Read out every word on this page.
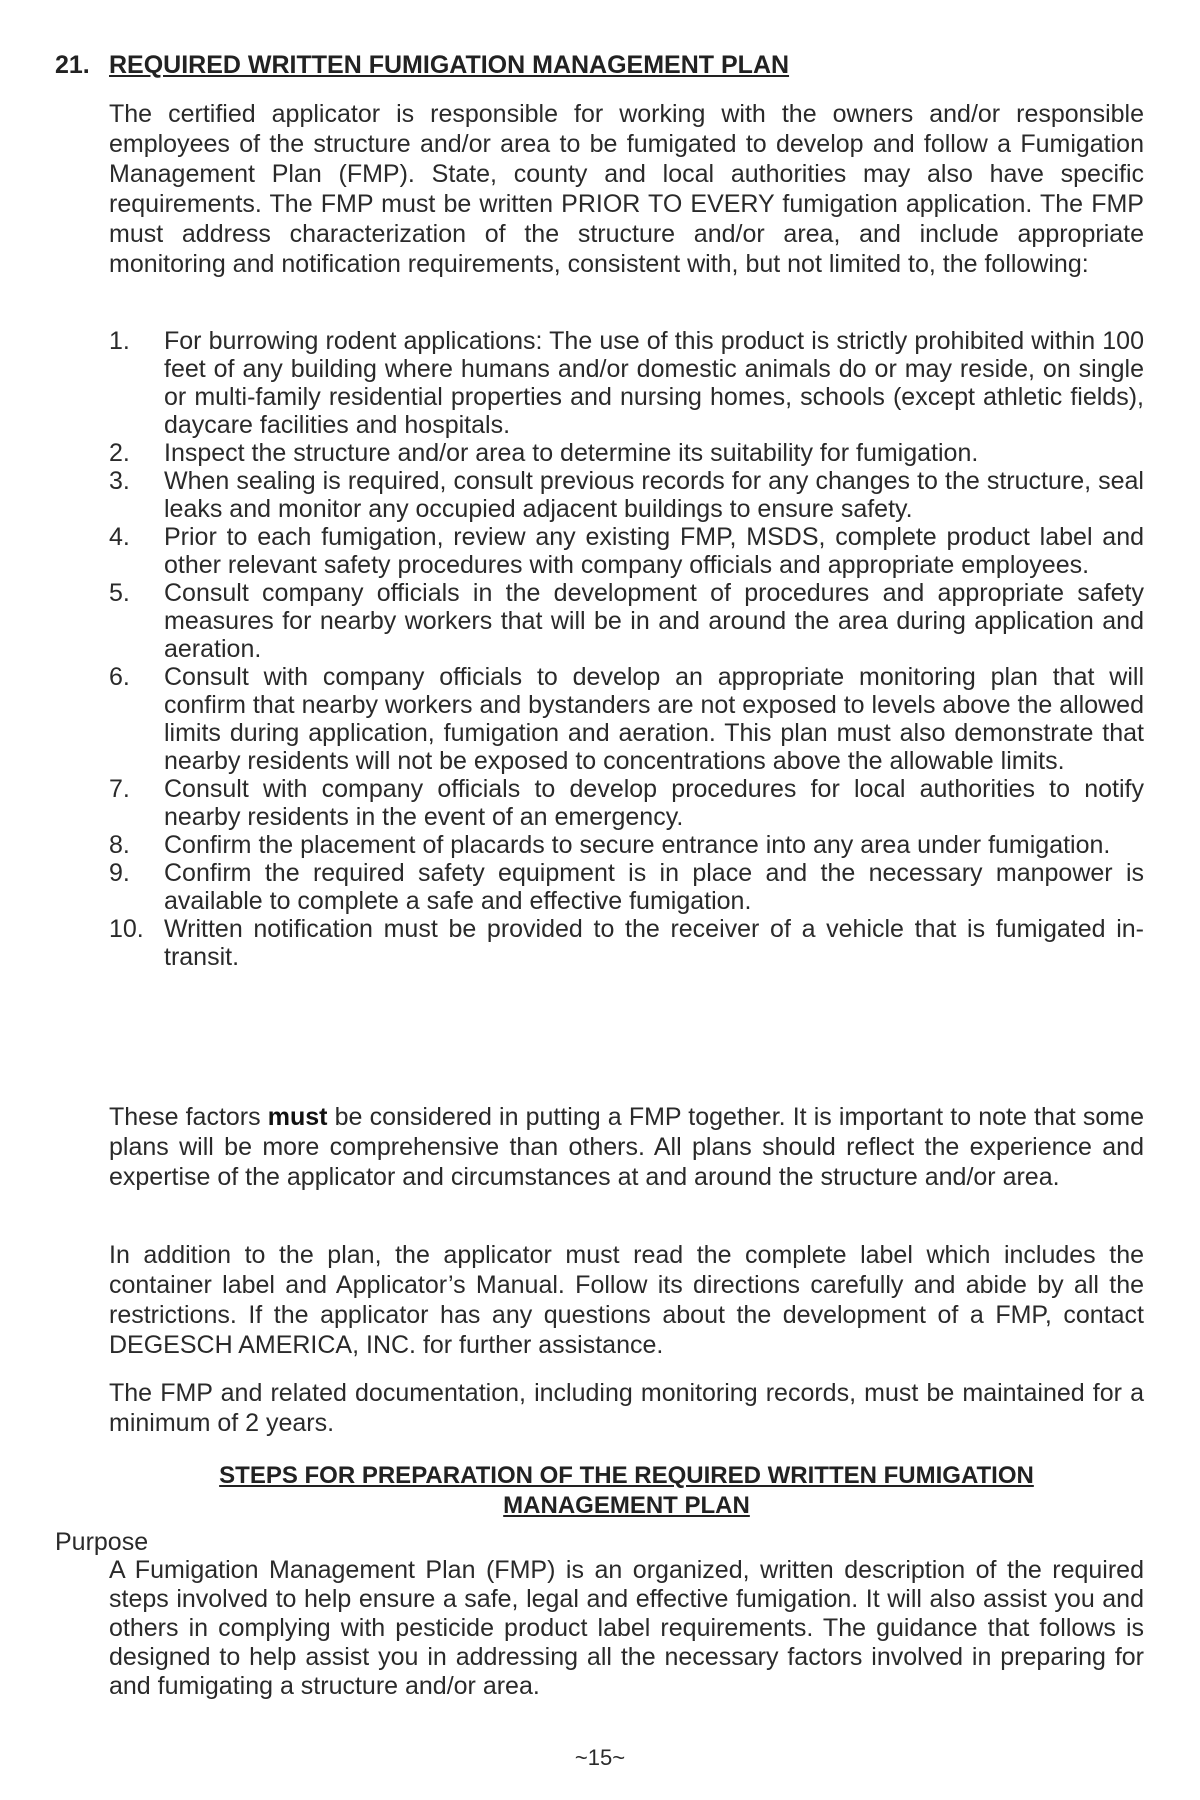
21. REQUIRED WRITTEN FUMIGATION MANAGEMENT PLAN
The certified applicator is responsible for working with the owners and/or responsible employees of the structure and/or area to be fumigated to develop and follow a Fumigation Management Plan (FMP). State, county and local authorities may also have specific requirements. The FMP must be written PRIOR TO EVERY fumigation application. The FMP must address characterization of the structure and/or area, and include appropriate monitoring and notification requirements, consistent with, but not limited to, the following:
1. For burrowing rodent applications: The use of this product is strictly prohibited within 100 feet of any building where humans and/or domestic animals do or may reside, on single or multi-family residential properties and nursing homes, schools (except athletic fields), daycare facilities and hospitals.
2. Inspect the structure and/or area to determine its suitability for fumigation.
3. When sealing is required, consult previous records for any changes to the structure, seal leaks and monitor any occupied adjacent buildings to ensure safety.
4. Prior to each fumigation, review any existing FMP, MSDS, complete product label and other relevant safety procedures with company officials and appropriate employees.
5. Consult company officials in the development of procedures and appropriate safety measures for nearby workers that will be in and around the area during application and aeration.
6. Consult with company officials to develop an appropriate monitoring plan that will confirm that nearby workers and bystanders are not exposed to levels above the allowed limits during application, fumigation and aeration. This plan must also demonstrate that nearby residents will not be exposed to concentrations above the allowable limits.
7. Consult with company officials to develop procedures for local authorities to notify nearby residents in the event of an emergency.
8. Confirm the placement of placards to secure entrance into any area under fumigation.
9. Confirm the required safety equipment is in place and the necessary manpower is available to complete a safe and effective fumigation.
10. Written notification must be provided to the receiver of a vehicle that is fumigated in-transit.
These factors must be considered in putting a FMP together. It is important to note that some plans will be more comprehensive than others. All plans should reflect the experience and expertise of the applicator and circumstances at and around the structure and/or area.
In addition to the plan, the applicator must read the complete label which includes the container label and Applicator’s Manual. Follow its directions carefully and abide by all the restrictions. If the applicator has any questions about the development of a FMP, contact DEGESCH AMERICA, INC. for further assistance.
The FMP and related documentation, including monitoring records, must be maintained for a minimum of 2 years.
STEPS FOR PREPARATION OF THE REQUIRED WRITTEN FUMIGATION
MANAGEMENT PLAN
Purpose
A Fumigation Management Plan (FMP) is an organized, written description of the required steps involved to help ensure a safe, legal and effective fumigation. It will also assist you and others in complying with pesticide product label requirements. The guidance that follows is designed to help assist you in addressing all the necessary factors involved in preparing for and fumigating a structure and/or area.
~15~
